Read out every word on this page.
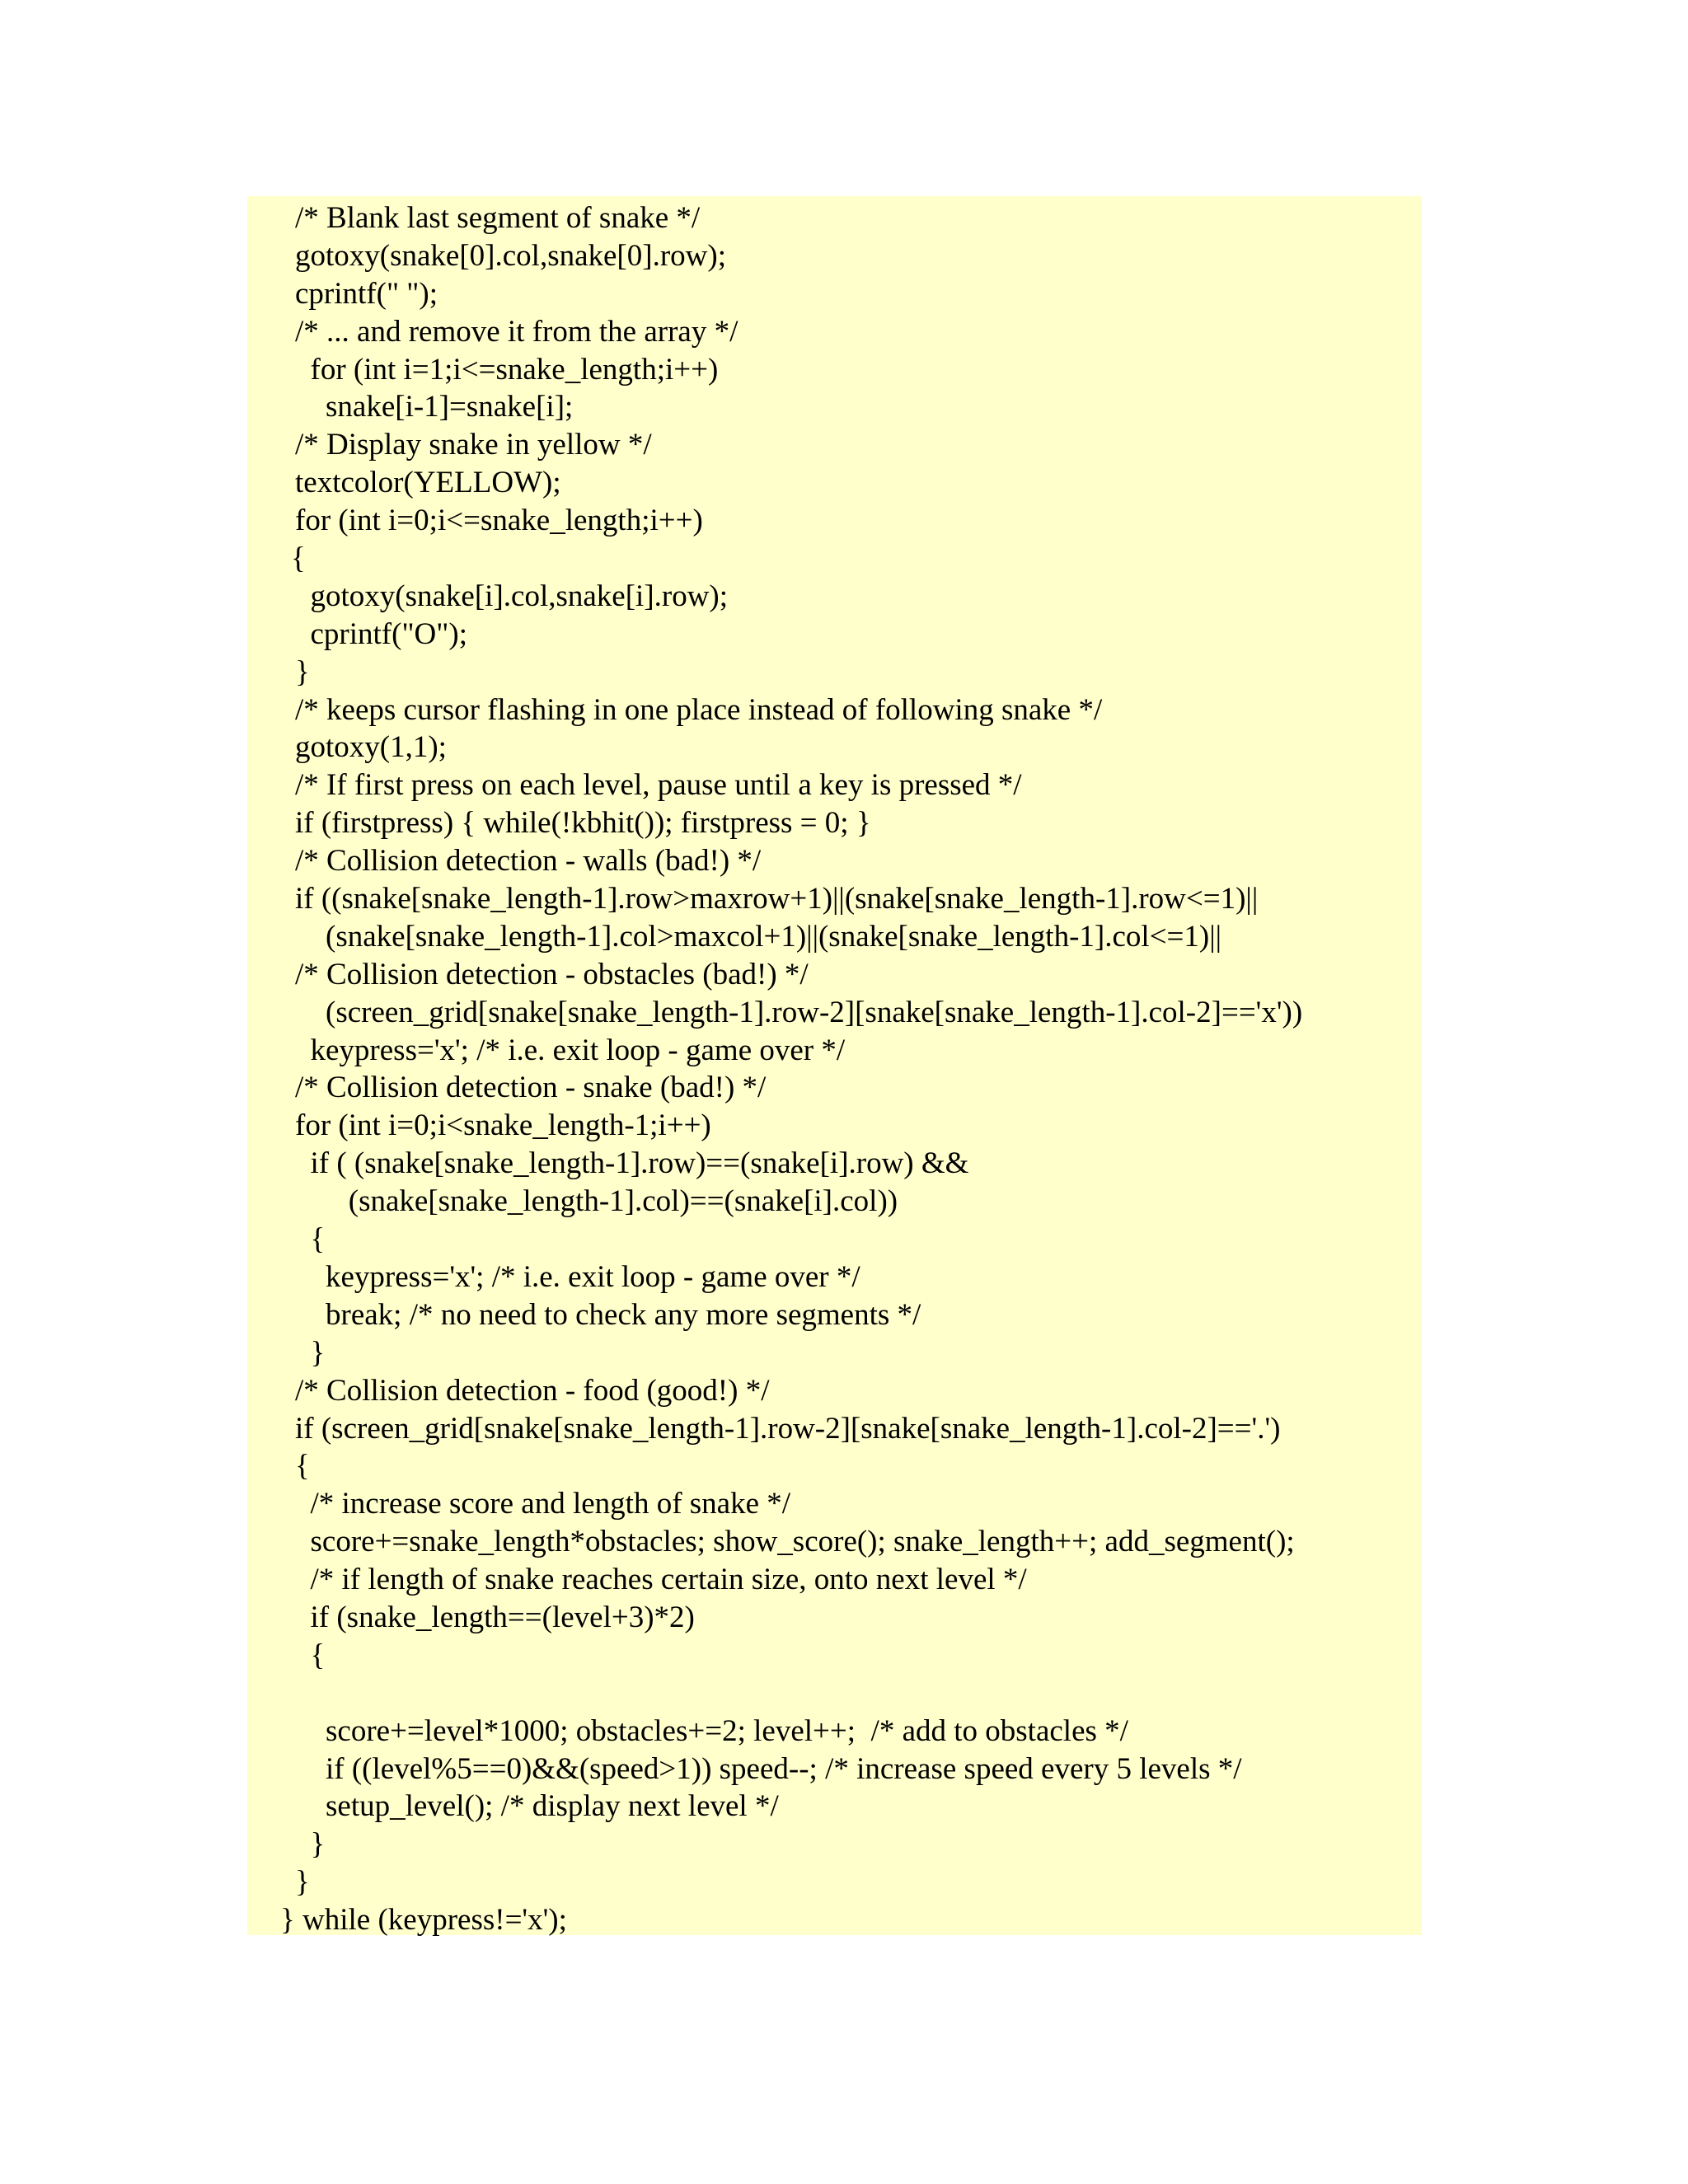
/* Blank last segment of snake */
gotoxy(snake[0].col,snake[0].row);
cprintf(" ");
/* ... and remove it from the array */
for (int i=1;i<=snake_length;i++)
snake[i-1]=snake[i];
/* Display snake in yellow */
textcolor(YELLOW);
for (int i=0;i<=snake_length;i++)
{
gotoxy(snake[i].col,snake[i].row);
cprintf("O");
}
/* keeps cursor flashing in one place instead of following snake */
gotoxy(1,1);
/* If first press on each level, pause until a key is pressed */
if (firstpress) { while(!kbhit()); firstpress = 0; }
/* Collision detection - walls (bad!) */
if ((snake[snake_length-1].row>maxrow+1)||(snake[snake_length-1].row<=1)||
(snake[snake_length-1].col>maxcol+1)||(snake[snake_length-1].col<=1)||
/* Collision detection - obstacles (bad!) */
(screen_grid[snake[snake_length-1].row-2][snake[snake_length-1].col-2]=='x'))
keypress='x'; /* i.e. exit loop - game over */
/* Collision detection - snake (bad!) */
for (int i=0;i<snake_length-1;i++)
if ( (snake[snake_length-1].row)==(snake[i].row) &&
(snake[snake_length-1].col)==(snake[i].col))
{
keypress='x'; /* i.e. exit loop - game over */
break; /* no need to check any more segments */
}
/* Collision detection - food (good!) */
if (screen_grid[snake[snake_length-1].row-2][snake[snake_length-1].col-2]=='.')
{
/* increase score and length of snake */
score+=snake_length*obstacles; show_score(); snake_length++; add_segment();
/* if length of snake reaches certain size, onto next level */
if (snake_length==(level+3)*2)
{
score+=level*1000; obstacles+=2; level++;  /* add to obstacles */
if ((level%5==0)&&(speed>1)) speed--; /* increase speed every 5 levels */
setup_level(); /* display next level */
}
}
} while (keypress!='x');
